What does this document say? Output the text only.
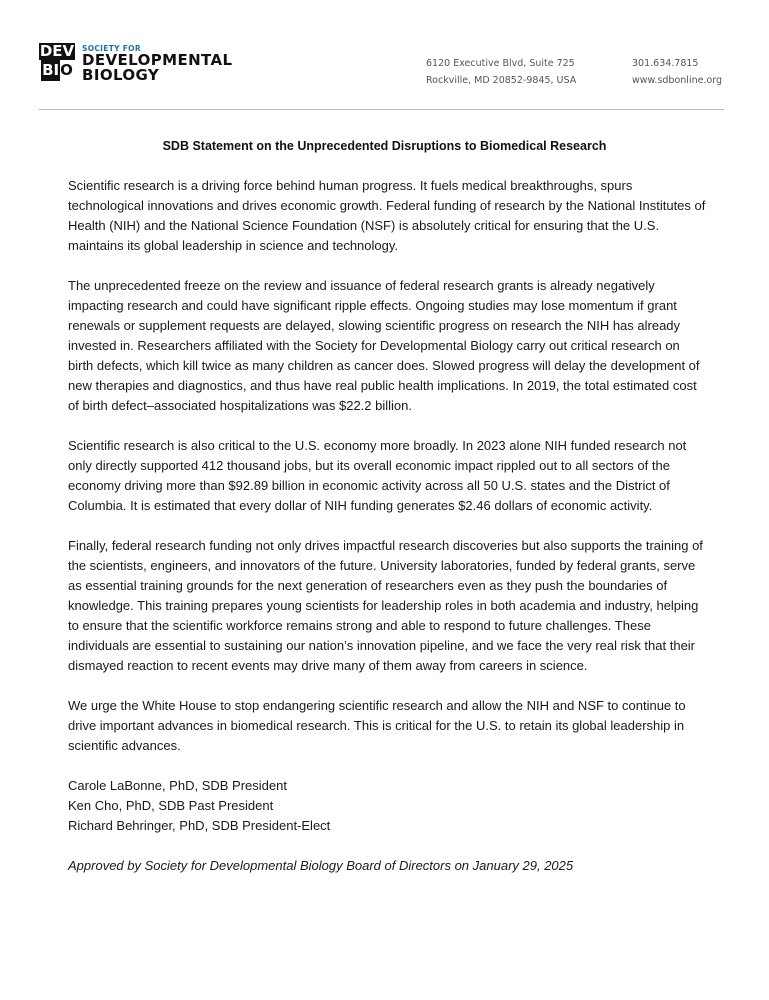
DEV
BI O
SOCIETY FOR
DEVELOPMENTAL
BIOLOGY
6120 Executive Blvd, Suite 725
Rockville, MD 20852-9845, USA
301.634.7815
www.sdbonline.org
SDB Statement on the Unprecedented Disruptions to Biomedical Research

Scientific research is a driving force behind human progress. It fuels medical breakthroughs, spurs technological innovations and drives economic growth. Federal funding of research by the National Institutes of Health (NIH) and the National Science Foundation (NSF) is absolutely critical for ensuring that the U.S. maintains its global leadership in science and technology.

The unprecedented freeze on the review and issuance of federal research grants is already negatively impacting research and could have significant ripple effects. Ongoing studies may lose momentum if grant renewals or supplement requests are delayed, slowing scientific progress on research the NIH has already invested in. Researchers affiliated with the Society for Developmental Biology carry out critical research on birth defects, which kill twice as many children as cancer does. Slowed progress will delay the development of new therapies and diagnostics, and thus have real public health implications. In 2019, the total estimated cost of birth defect–associated hospitalizations was $22.2 billion.

Scientific research is also critical to the U.S. economy more broadly. In 2023 alone NIH funded research not only directly supported 412 thousand jobs, but its overall economic impact rippled out to all sectors of the economy driving more than $92.89 billion in economic activity across all 50 U.S. states and the District of Columbia. It is estimated that every dollar of NIH funding generates $2.46 dollars of economic activity.

Finally, federal research funding not only drives impactful research discoveries but also supports the training of the scientists, engineers, and innovators of the future. University laboratories, funded by federal grants, serve as essential training grounds for the next generation of researchers even as they push the boundaries of knowledge. This training prepares young scientists for leadership roles in both academia and industry, helping to ensure that the scientific workforce remains strong and able to respond to future challenges. These individuals are essential to sustaining our nation’s innovation pipeline, and we face the very real risk that their dismayed reaction to recent events may drive many of them away from careers in science.

We urge the White House to stop endangering scientific research and allow the NIH and NSF to continue to drive important advances in biomedical research. This is critical for the U.S. to retain its global leadership in scientific advances.

Carole LaBonne, PhD, SDB President
Ken Cho, PhD, SDB Past President
Richard Behringer, PhD, SDB President-Elect

Approved by Society for Developmental Biology Board of Directors on January 29, 2025
